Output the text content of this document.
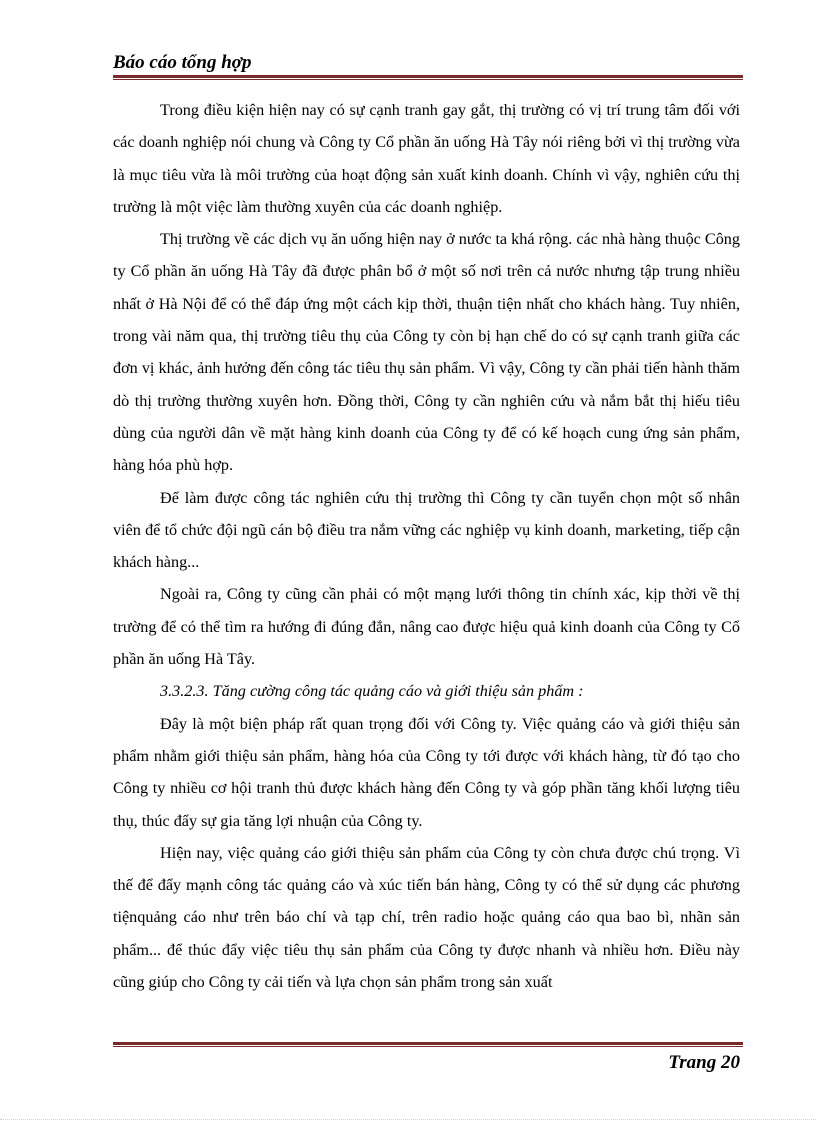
Báo cáo tổng hợp

Trong điều kiện hiện nay có sự cạnh tranh gay gắt, thị trường có vị trí trung tâm đối với các doanh nghiệp nói chung và Công ty Cổ phần ăn uống Hà Tây nói riêng bởi vì thị trường vừa là mục tiêu vừa là môi trường của hoạt động sản xuất kinh doanh. Chính vì vậy, nghiên cứu thị trường là một việc làm thường xuyên của các doanh nghiệp.

Thị trường về các dịch vụ ăn uống hiện nay ở nước ta khá rộng. các nhà hàng thuộc Công ty Cổ phần ăn uống Hà Tây đã được phân bổ ở một số nơi trên cả nước nhưng tập trung nhiều nhất ở Hà Nội để có thể đáp ứng một cách kịp thời, thuận tiện nhất cho khách hàng. Tuy nhiên, trong vài năm qua, thị trường tiêu thụ của Công ty còn bị hạn chế do có sự cạnh tranh giữa các đơn vị khác, ảnh hưởng đến công tác tiêu thụ sản phẩm. Vì vậy, Công ty cần phải tiến hành thăm dò thị trường thường xuyên hơn. Đồng thời, Công ty cần nghiên cứu và nắm bắt thị hiếu tiêu dùng của người dân về mặt hàng kinh doanh của Công ty để có kế hoạch cung ứng sản phẩm, hàng hóa phù hợp.

Để làm được công tác nghiên cứu thị trường thì Công ty cần tuyển chọn một số nhân viên để tổ chức đội ngũ cán bộ điều tra nắm vững các nghiệp vụ kinh doanh, marketing, tiếp cận khách hàng...

Ngoài ra, Công ty cũng cần phải có một mạng lưới thông tin chính xác, kịp thời về thị trường để có thể tìm ra hướng đi đúng đắn, nâng cao được hiệu quả kinh doanh của Công ty Cổ phần ăn uống Hà Tây.

3.3.2.3. Tăng cường công tác quảng cáo và giới thiệu sản phẩm :

Đây là một biện pháp rất quan trọng đối với Công ty. Việc quảng cáo và giới thiệu sản phẩm nhằm giới thiệu sản phẩm, hàng hóa của Công ty tới được với khách hàng, từ đó tạo cho Công ty nhiều cơ hội tranh thủ được khách hàng đến Công ty và góp phần tăng khối lượng tiêu thụ, thúc đẩy sự gia tăng lợi nhuận của Công ty.

Hiện nay, việc quảng cáo giới thiệu sản phẩm của Công ty còn chưa được chú trọng. Vì thế để đẩy mạnh công tác quảng cáo và xúc tiến bán hàng, Công ty có thể sử dụng các phương tiệnquảng cáo như trên báo chí và tạp chí, trên radio hoặc quảng cáo qua bao bì, nhãn sản phẩm... để thúc đẩy việc tiêu thụ sản phẩm của Công ty được nhanh và nhiều hơn. Điều này cũng giúp cho Công ty cải tiến và lựa chọn sản phẩm trong sản xuất

Trang 20
